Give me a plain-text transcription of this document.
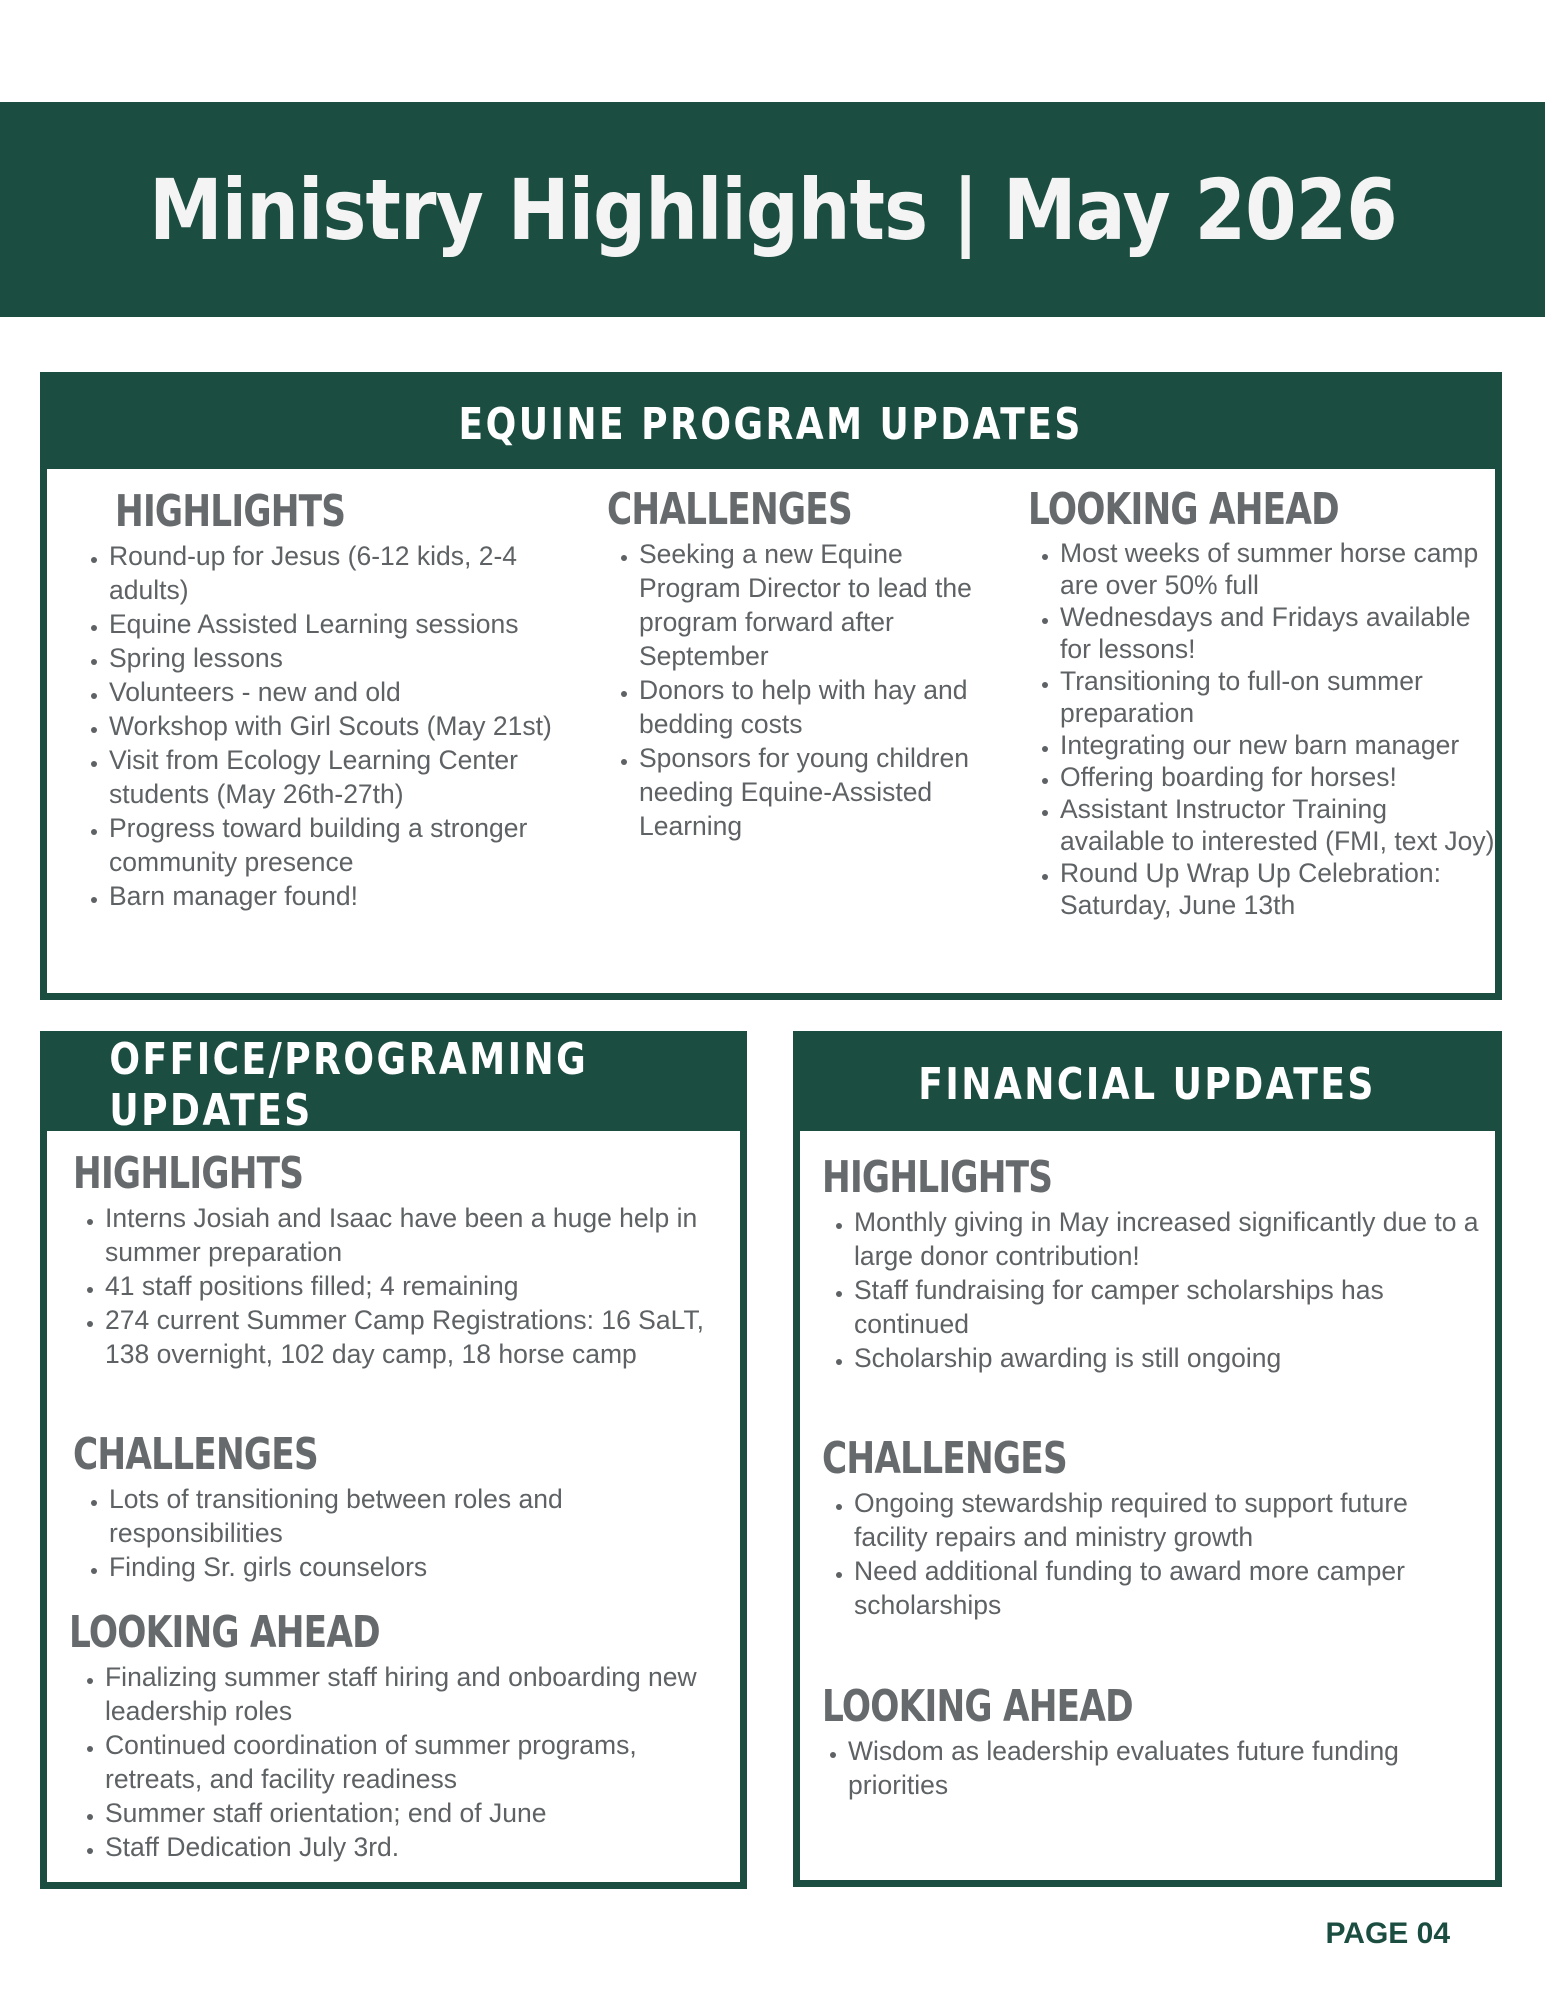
Ministry Highlights | May 2026
EQUINE PROGRAM UPDATES
HIGHLIGHTS
• Round-up for Jesus (6-12 kids, 2-4 adults)
• Equine Assisted Learning sessions
• Spring lessons
• Volunteers - new and old
• Workshop with Girl Scouts (May 21st)
• Visit from Ecology Learning Center students (May 26th-27th)
• Progress toward building a stronger community presence
• Barn manager found!
CHALLENGES
• Seeking a new Equine Program Director to lead the program forward after September
• Donors to help with hay and bedding costs
• Sponsors for young children needing Equine-Assisted Learning
LOOKING AHEAD
• Most weeks of summer horse camp are over 50% full
• Wednesdays and Fridays available for lessons!
• Transitioning to full-on summer preparation
• Integrating our new barn manager
• Offering boarding for horses!
• Assistant Instructor Training available to interested (FMI, text Joy)
• Round Up Wrap Up Celebration: Saturday, June 13th
OFFICE/PROGRAMING UPDATES
HIGHLIGHTS
• Interns Josiah and Isaac have been a huge help in summer preparation
• 41 staff positions filled; 4 remaining
• 274 current Summer Camp Registrations: 16 SaLT, 138 overnight, 102 day camp, 18 horse camp
CHALLENGES
• Lots of transitioning between roles and responsibilities
• Finding Sr. girls counselors
LOOKING AHEAD
• Finalizing summer staff hiring and onboarding new leadership roles
• Continued coordination of summer programs, retreats, and facility readiness
• Summer staff orientation; end of June
• Staff Dedication July 3rd.
FINANCIAL UPDATES
HIGHLIGHTS
• Monthly giving in May increased significantly due to a large donor contribution!
• Staff fundraising for camper scholarships has continued
• Scholarship awarding is still ongoing
CHALLENGES
• Ongoing stewardship required to support future facility repairs and ministry growth
• Need additional funding to award more camper scholarships
LOOKING AHEAD
• Wisdom as leadership evaluates future funding priorities
PAGE 04
